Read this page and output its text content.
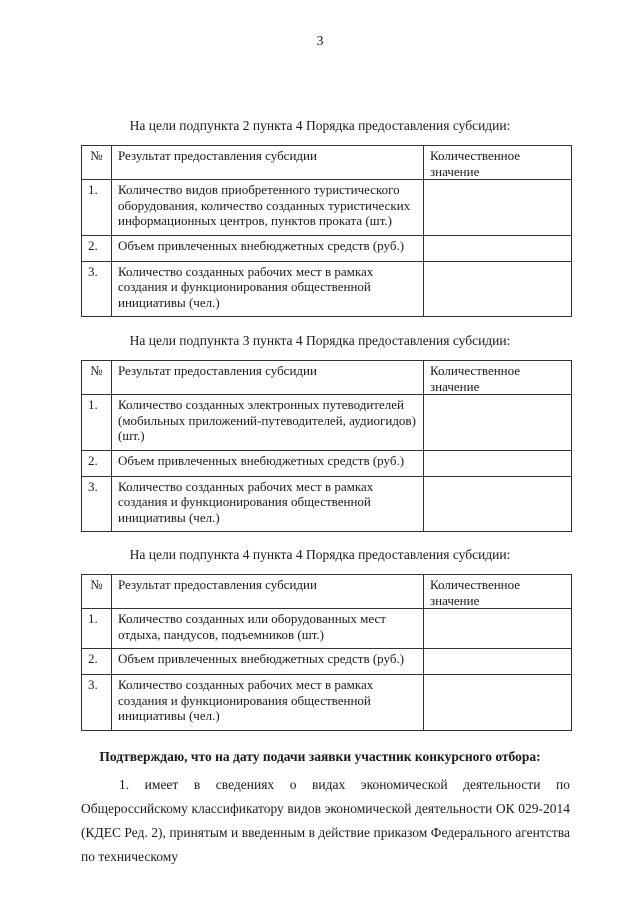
3
На цели подпункта 2 пункта 4 Порядка предоставления субсидии:
№	Результат предоставления субсидии	Количественное значение
1.	Количество видов приобретенного туристического оборудования, количество созданных туристических информационных центров, пунктов проката (шт.)	
2.	Объем привлеченных внебюджетных средств (руб.)	
3.	Количество созданных рабочих мест в рамках создания и функционирования общественной инициативы (чел.)	
На цели подпункта 3 пункта 4 Порядка предоставления субсидии:
№	Результат предоставления субсидии	Количественное значение
1.	Количество созданных электронных путеводителей (мобильных приложений-путеводителей, аудиогидов) (шт.)	
2.	Объем привлеченных внебюджетных средств (руб.)	
3.	Количество созданных рабочих мест в рамках создания и функционирования общественной инициативы (чел.)	
На цели подпункта 4 пункта 4 Порядка предоставления субсидии:
№	Результат предоставления субсидии	Количественное значение
1.	Количество созданных или оборудованных мест отдыха, пандусов, подъемников (шт.)	
2.	Объем привлеченных внебюджетных средств (руб.)	
3.	Количество созданных рабочих мест в рамках создания и функционирования общественной инициативы (чел.)	
Подтверждаю, что на дату подачи заявки участник конкурсного отбора:
1. имеет в сведениях о видах экономической деятельности по Общероссийскому классификатору видов экономической деятельности ОК 029-2014 (КДЕС Ред. 2), принятым и введенным в действие приказом Федерального агентства по техническому
